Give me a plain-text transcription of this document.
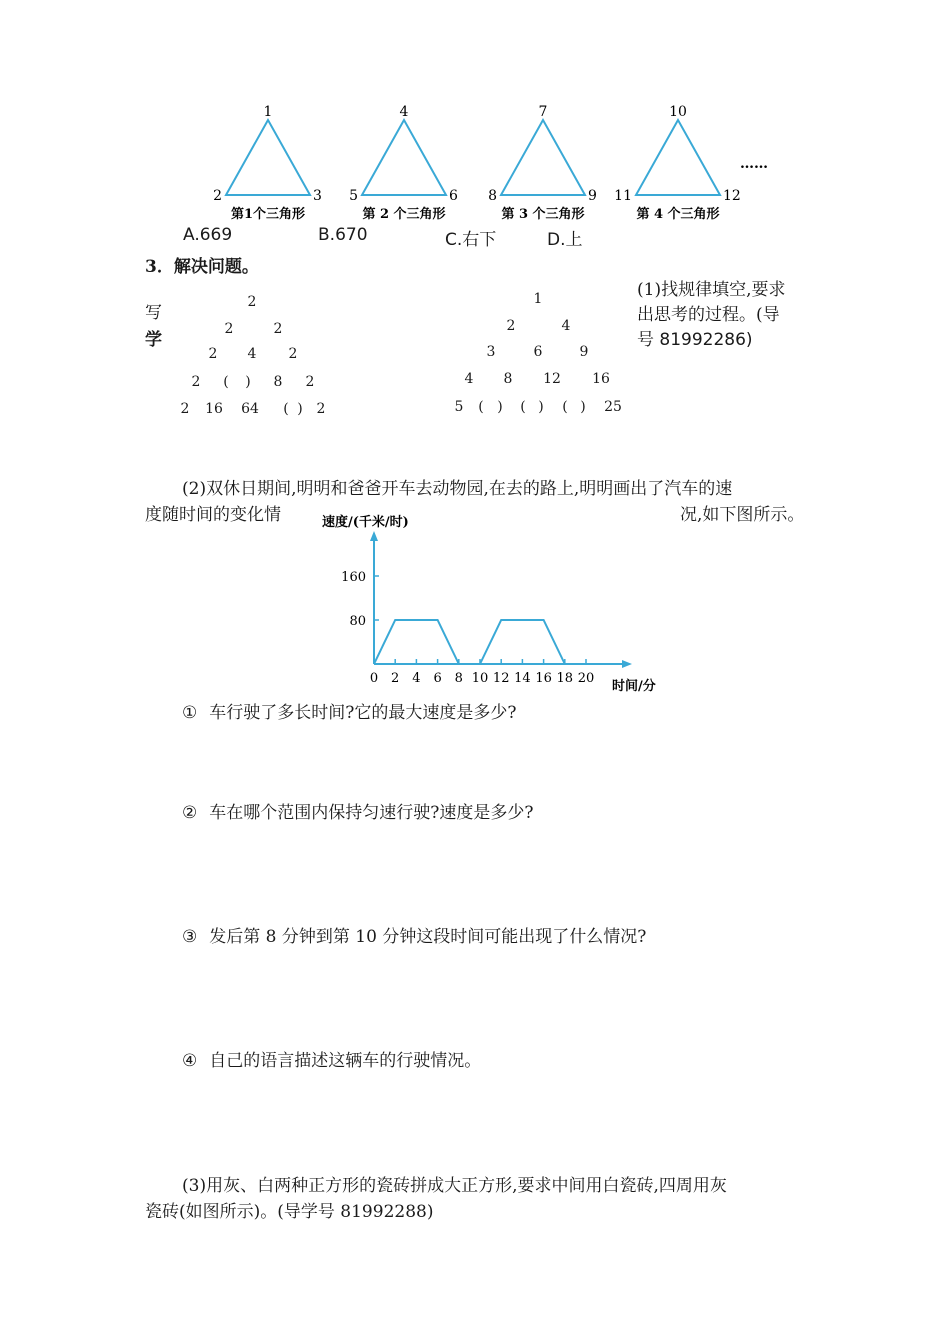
1
2	3
第1个三角形
4
5	6
第 2 个三角形
7
8	9
第 3 个三角形
10
11	12
第 4 个三角形
……
A.669	B.670	C.右下	D.上
3．解决问题。
写
学
(1)找规律填空,要求
出思考的过程。(导
号 81992286)
2
2	2
2 4 2
2 ( ) 8 2
2 16 64 ( ) 2
1
2	4
3	6	9
4 8 12 16
5 ( ) ( ) ( ) 25
(2)双休日期间,明明和爸爸开车去动物园,在去的路上,明明画出了汽车的速
度随时间的变化情	况,如下图所示。
速度/(千米/时)
时间/分
80
160
0 2 4 6 8 10 12 14 16 18 20
① 车行驶了多长时间?它的最大速度是多少?
② 车在哪个范围内保持匀速行驶?速度是多少?
③ 发后第 8 分钟到第 10 分钟这段时间可能出现了什么情况?
④ 自己的语言描述这辆车的行驶情况。
(3)用灰、白两种正方形的瓷砖拼成大正方形,要求中间用白瓷砖,四周用灰
瓷砖(如图所示)。(导学号 81992288)
